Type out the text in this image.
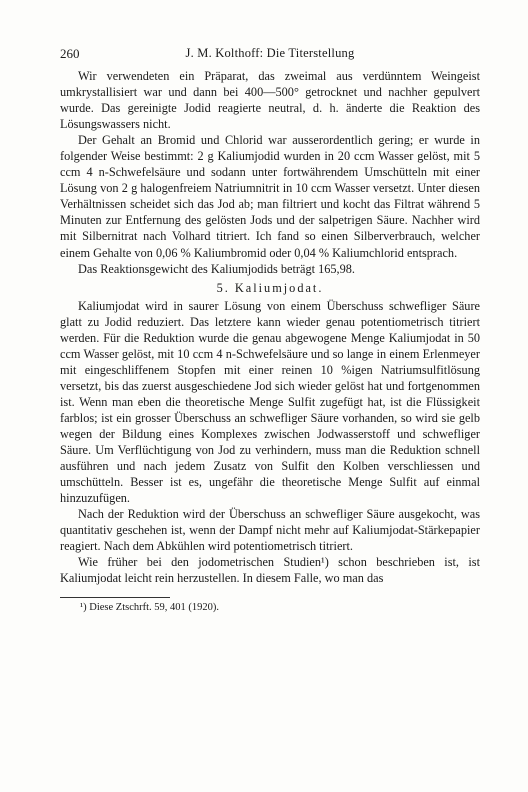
260	J. M. Kolthoff: Die Titerstellung

Wir verwendeten ein Präparat, das zweimal aus verdünntem Weingeist umkrystallisiert war und dann bei 400—500° getrocknet und nachher gepulvert wurde. Das gereinigte Jodid reagierte neutral, d. h. änderte die Reaktion des Lösungswassers nicht.

Der Gehalt an Bromid und Chlorid war ausserordentlich gering; er wurde in folgender Weise bestimmt: 2 g Kaliumjodid wurden in 20 ccm Wasser gelöst, mit 5 ccm 4 n-Schwefelsäure und sodann unter fortwährendem Umschütteln mit einer Lösung von 2 g halogenfreiem Natriumnitrit in 10 ccm Wasser versetzt. Unter diesen Verhältnissen scheidet sich das Jod ab; man filtriert und kocht das Filtrat während 5 Minuten zur Entfernung des gelösten Jods und der salpetrigen Säure. Nachher wird mit Silbernitrat nach Volhard titriert. Ich fand so einen Silberverbrauch, welcher einem Gehalte von 0,06 % Kaliumbromid oder 0,04 % Kaliumchlorid entsprach.

Das Reaktionsgewicht des Kaliumjodids beträgt 165,98.

5. Kaliumjodat.

Kaliumjodat wird in saurer Lösung von einem Überschuss schwefliger Säure glatt zu Jodid reduziert. Das letztere kann wieder genau potentiometrisch titriert werden. Für die Reduktion wurde die genau abgewogene Menge Kaliumjodat in 50 ccm Wasser gelöst, mit 10 ccm 4 n-Schwefelsäure und so lange in einem Erlenmeyer mit eingeschliffenem Stopfen mit einer reinen 10 %igen Natriumsulfitlösung versetzt, bis das zuerst ausgeschiedene Jod sich wieder gelöst hat und fortgenommen ist. Wenn man eben die theoretische Menge Sulfit zugefügt hat, ist die Flüssigkeit farblos; ist ein grosser Überschuss an schwefliger Säure vorhanden, so wird sie gelb wegen der Bildung eines Komplexes zwischen Jodwasserstoff und schwefliger Säure. Um Verflüchtigung von Jod zu verhindern, muss man die Reduktion schnell ausführen und nach jedem Zusatz von Sulfit den Kolben verschliessen und umschütteln. Besser ist es, ungefähr die theoretische Menge Sulfit auf einmal hinzuzufügen.

Nach der Reduktion wird der Überschuss an schwefliger Säure ausgekocht, was quantitativ geschehen ist, wenn der Dampf nicht mehr auf Kaliumjodat-Stärkepapier reagiert. Nach dem Abkühlen wird potentiometrisch titriert.

Wie früher bei den jodometrischen Studien¹) schon beschrieben ist, ist Kaliumjodat leicht rein herzustellen. In diesem Falle, wo man das

¹) Diese Ztschrft. 59, 401 (1920).
